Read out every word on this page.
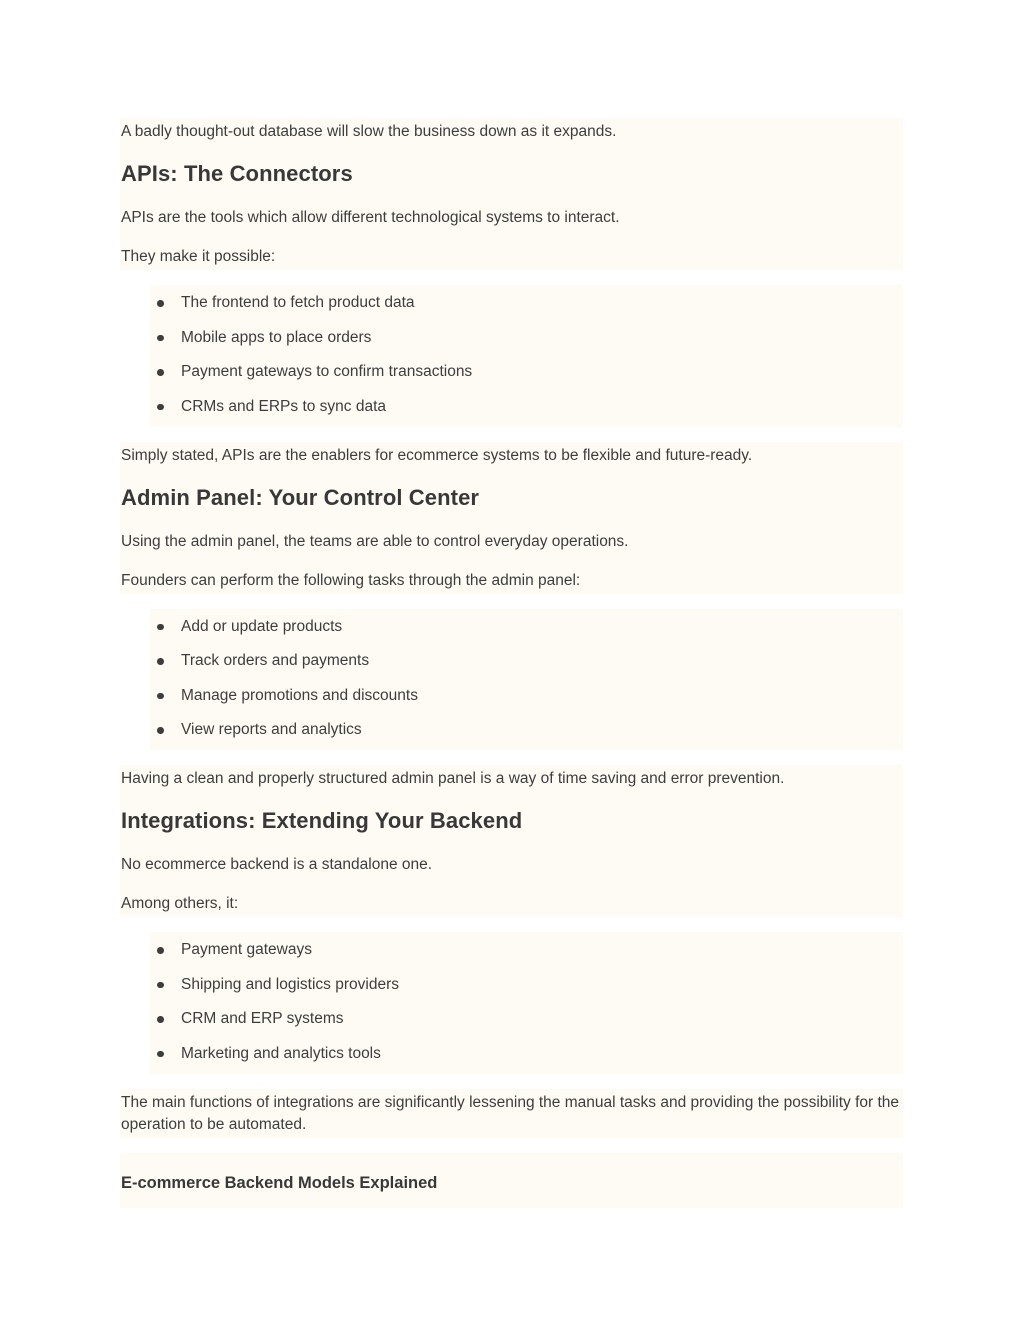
A badly thought-out database will slow the business down as it expands.

APIs: The Connectors

APIs are the tools which allow different technological systems to interact.

They make it possible:

The frontend to fetch product data
Mobile apps to place orders
Payment gateways to confirm transactions
CRMs and ERPs to sync data

Simply stated, APIs are the enablers for ecommerce systems to be flexible and future-ready.

Admin Panel: Your Control Center

Using the admin panel, the teams are able to control everyday operations.

Founders can perform the following tasks through the admin panel:

Add or update products
Track orders and payments
Manage promotions and discounts
View reports and analytics

Having a clean and properly structured admin panel is a way of time saving and error prevention.

Integrations: Extending Your Backend

No ecommerce backend is a standalone one.

Among others, it:

Payment gateways
Shipping and logistics providers
CRM and ERP systems
Marketing and analytics tools

The main functions of integrations are significantly lessening the manual tasks and providing the possibility for the operation to be automated.

E-commerce Backend Models Explained
